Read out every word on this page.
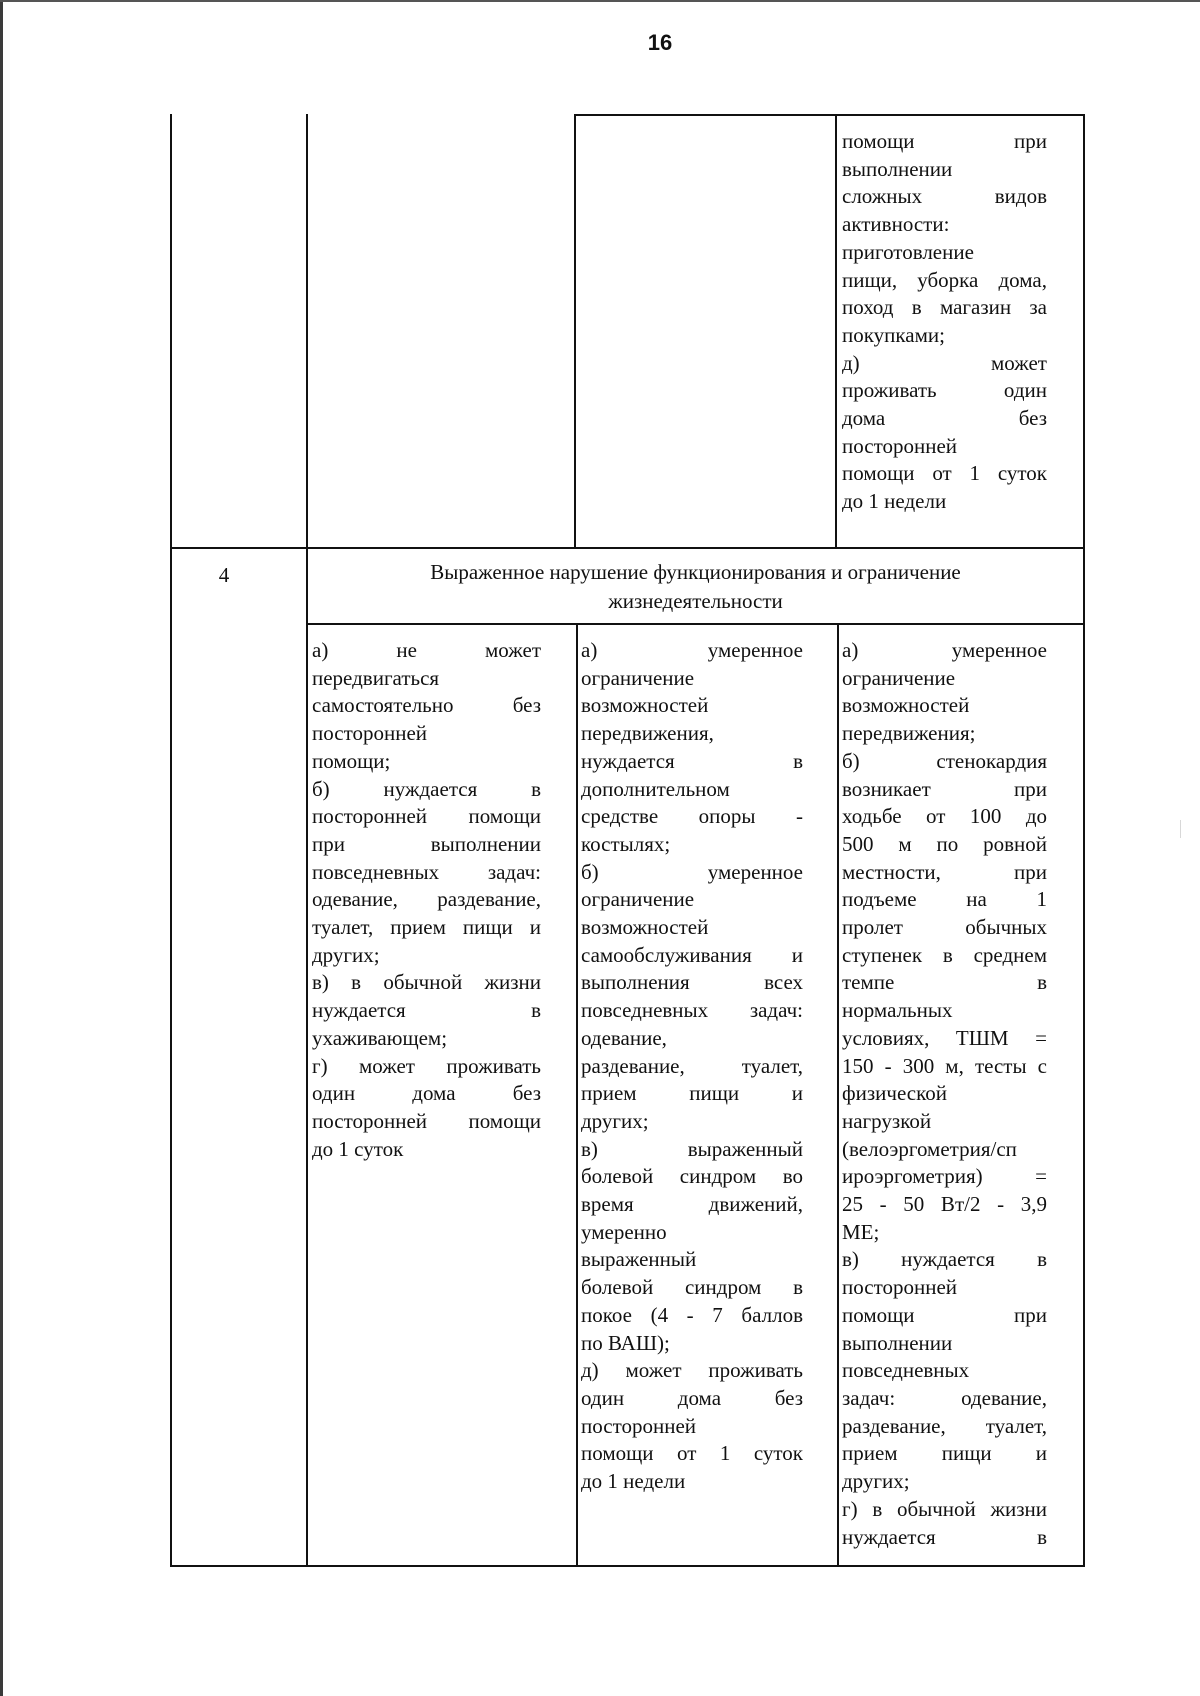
16
помощи при
выполнении
сложных видов
активности:
приготовление
пищи, уборка дома,
поход в магазин за
покупками;
д) может
проживать один
дома без
посторонней
помощи от 1 суток
до 1 недели
4	Выраженное нарушение функционирования и ограничение
жизнедеятельности
а) не может
передвигаться
самостоятельно без
посторонней
помощи;
б) нуждается в
посторонней помощи
при выполнении
повседневных задач:
одевание, раздевание,
туалет, прием пищи и
других;
в) в обычной жизни
нуждается в
ухаживающем;
г) может проживать
один дома без
посторонней помощи
до 1 суток
а) умеренное
ограничение
возможностей
передвижения,
нуждается в
дополнительном
средстве опоры -
костылях;
б) умеренное
ограничение
возможностей
самообслуживания и
выполнения всех
повседневных задач:
одевание,
раздевание, туалет,
прием пищи и
других;
в) выраженный
болевой синдром во
время движений,
умеренно
выраженный
болевой синдром в
покое (4 - 7 баллов
по ВАШ);
д) может проживать
один дома без
посторонней
помощи от 1 суток
до 1 недели
а) умеренное
ограничение
возможностей
передвижения;
б) стенокардия
возникает при
ходьбе от 100 до
500 м по ровной
местности, при
подъеме на 1
пролет обычных
ступенек в среднем
темпе в
нормальных
условиях, ТШМ =
150 - 300 м, тесты с
физической
нагрузкой
(велоэргометрия/сп
ироэргометрия) =
25 - 50 Вт/2 - 3,9
МЕ;
в) нуждается в
посторонней
помощи при
выполнении
повседневных
задач: одевание,
раздевание, туалет,
прием пищи и
других;
г) в обычной жизни
нуждается в
